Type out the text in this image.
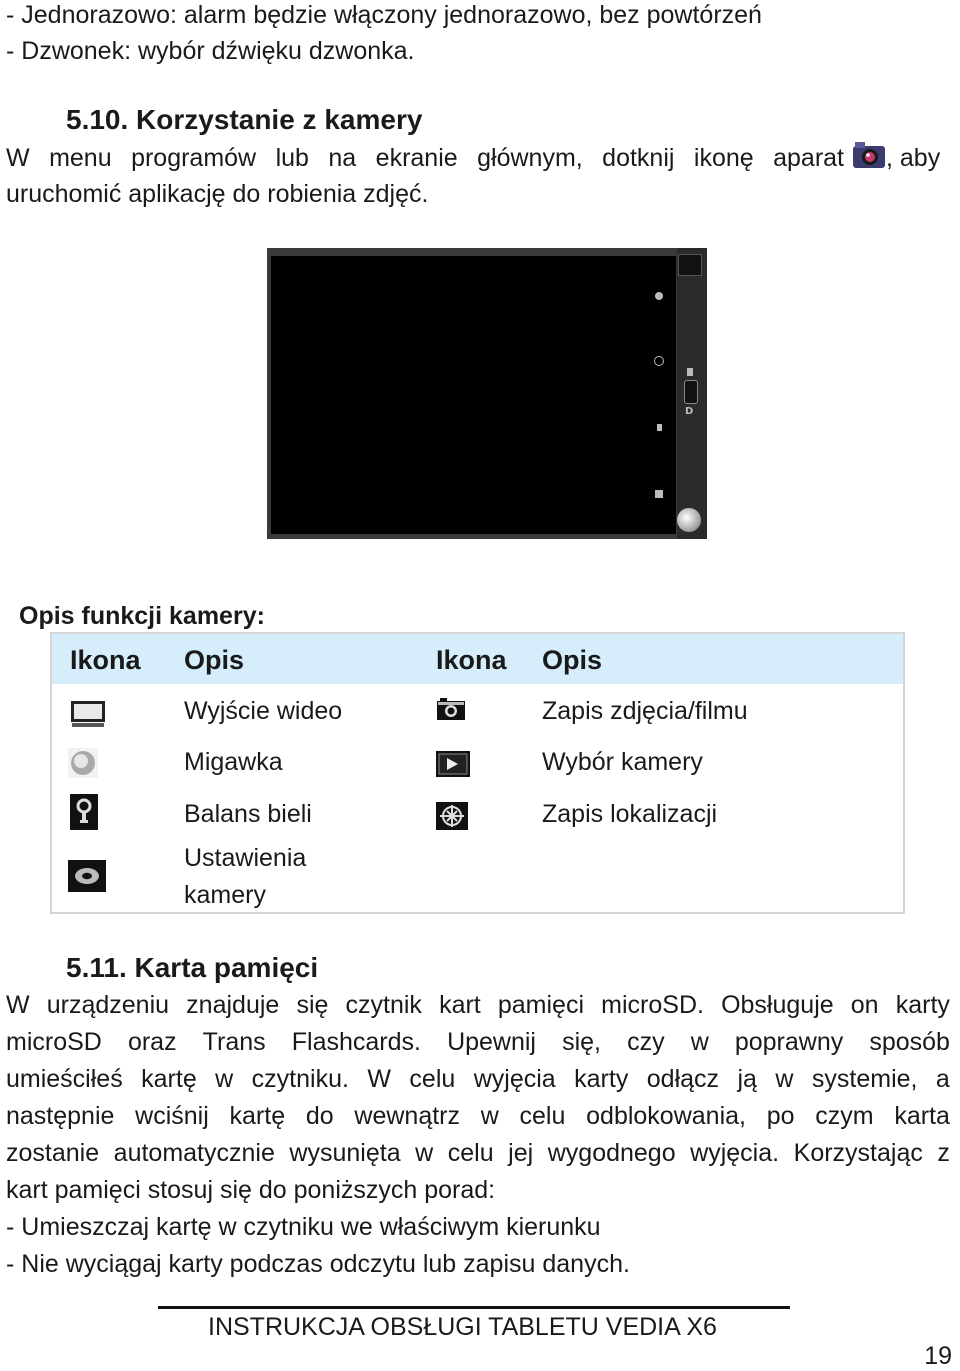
- Jednorazowo: alarm będzie włączony jednorazowo, bez powtórzeń
- Dzwonek: wybór dźwięku dzwonka.
5.10. Korzystanie z kamery
W menu programów lub na ekranie głównym, dotknij ikonę aparat , aby
uruchomić aplikację do robienia zdjęć.
D
Opis funkcji kamery:
Ikona Opis	Ikona Opis
Wyjście wideo	Zapis zdjęcia/filmu
Migawka	Wybór kamery
Balans bieli	Zapis lokalizacji
Ustawienia
kamery
5.11. Karta pamięci
W urządzeniu znajduje się czytnik kart pamięci microSD. Obsługuje on karty
microSD oraz Trans Flashcards. Upewnij się, czy w poprawny sposób
umieściłeś kartę w czytniku. W celu wyjęcia karty odłącz ją w systemie, a
następnie wciśnij kartę do wewnątrz w celu odblokowania, po czym karta
zostanie automatycznie wysunięta w celu jej wygodnego wyjęcia. Korzystając z
kart pamięci stosuj się do poniższych porad:
- Umieszczaj kartę w czytniku we właściwym kierunku
- Nie wyciągaj karty podczas odczytu lub zapisu danych.
INSTRUKCJA OBSŁUGI TABLETU VEDIA X6
19
